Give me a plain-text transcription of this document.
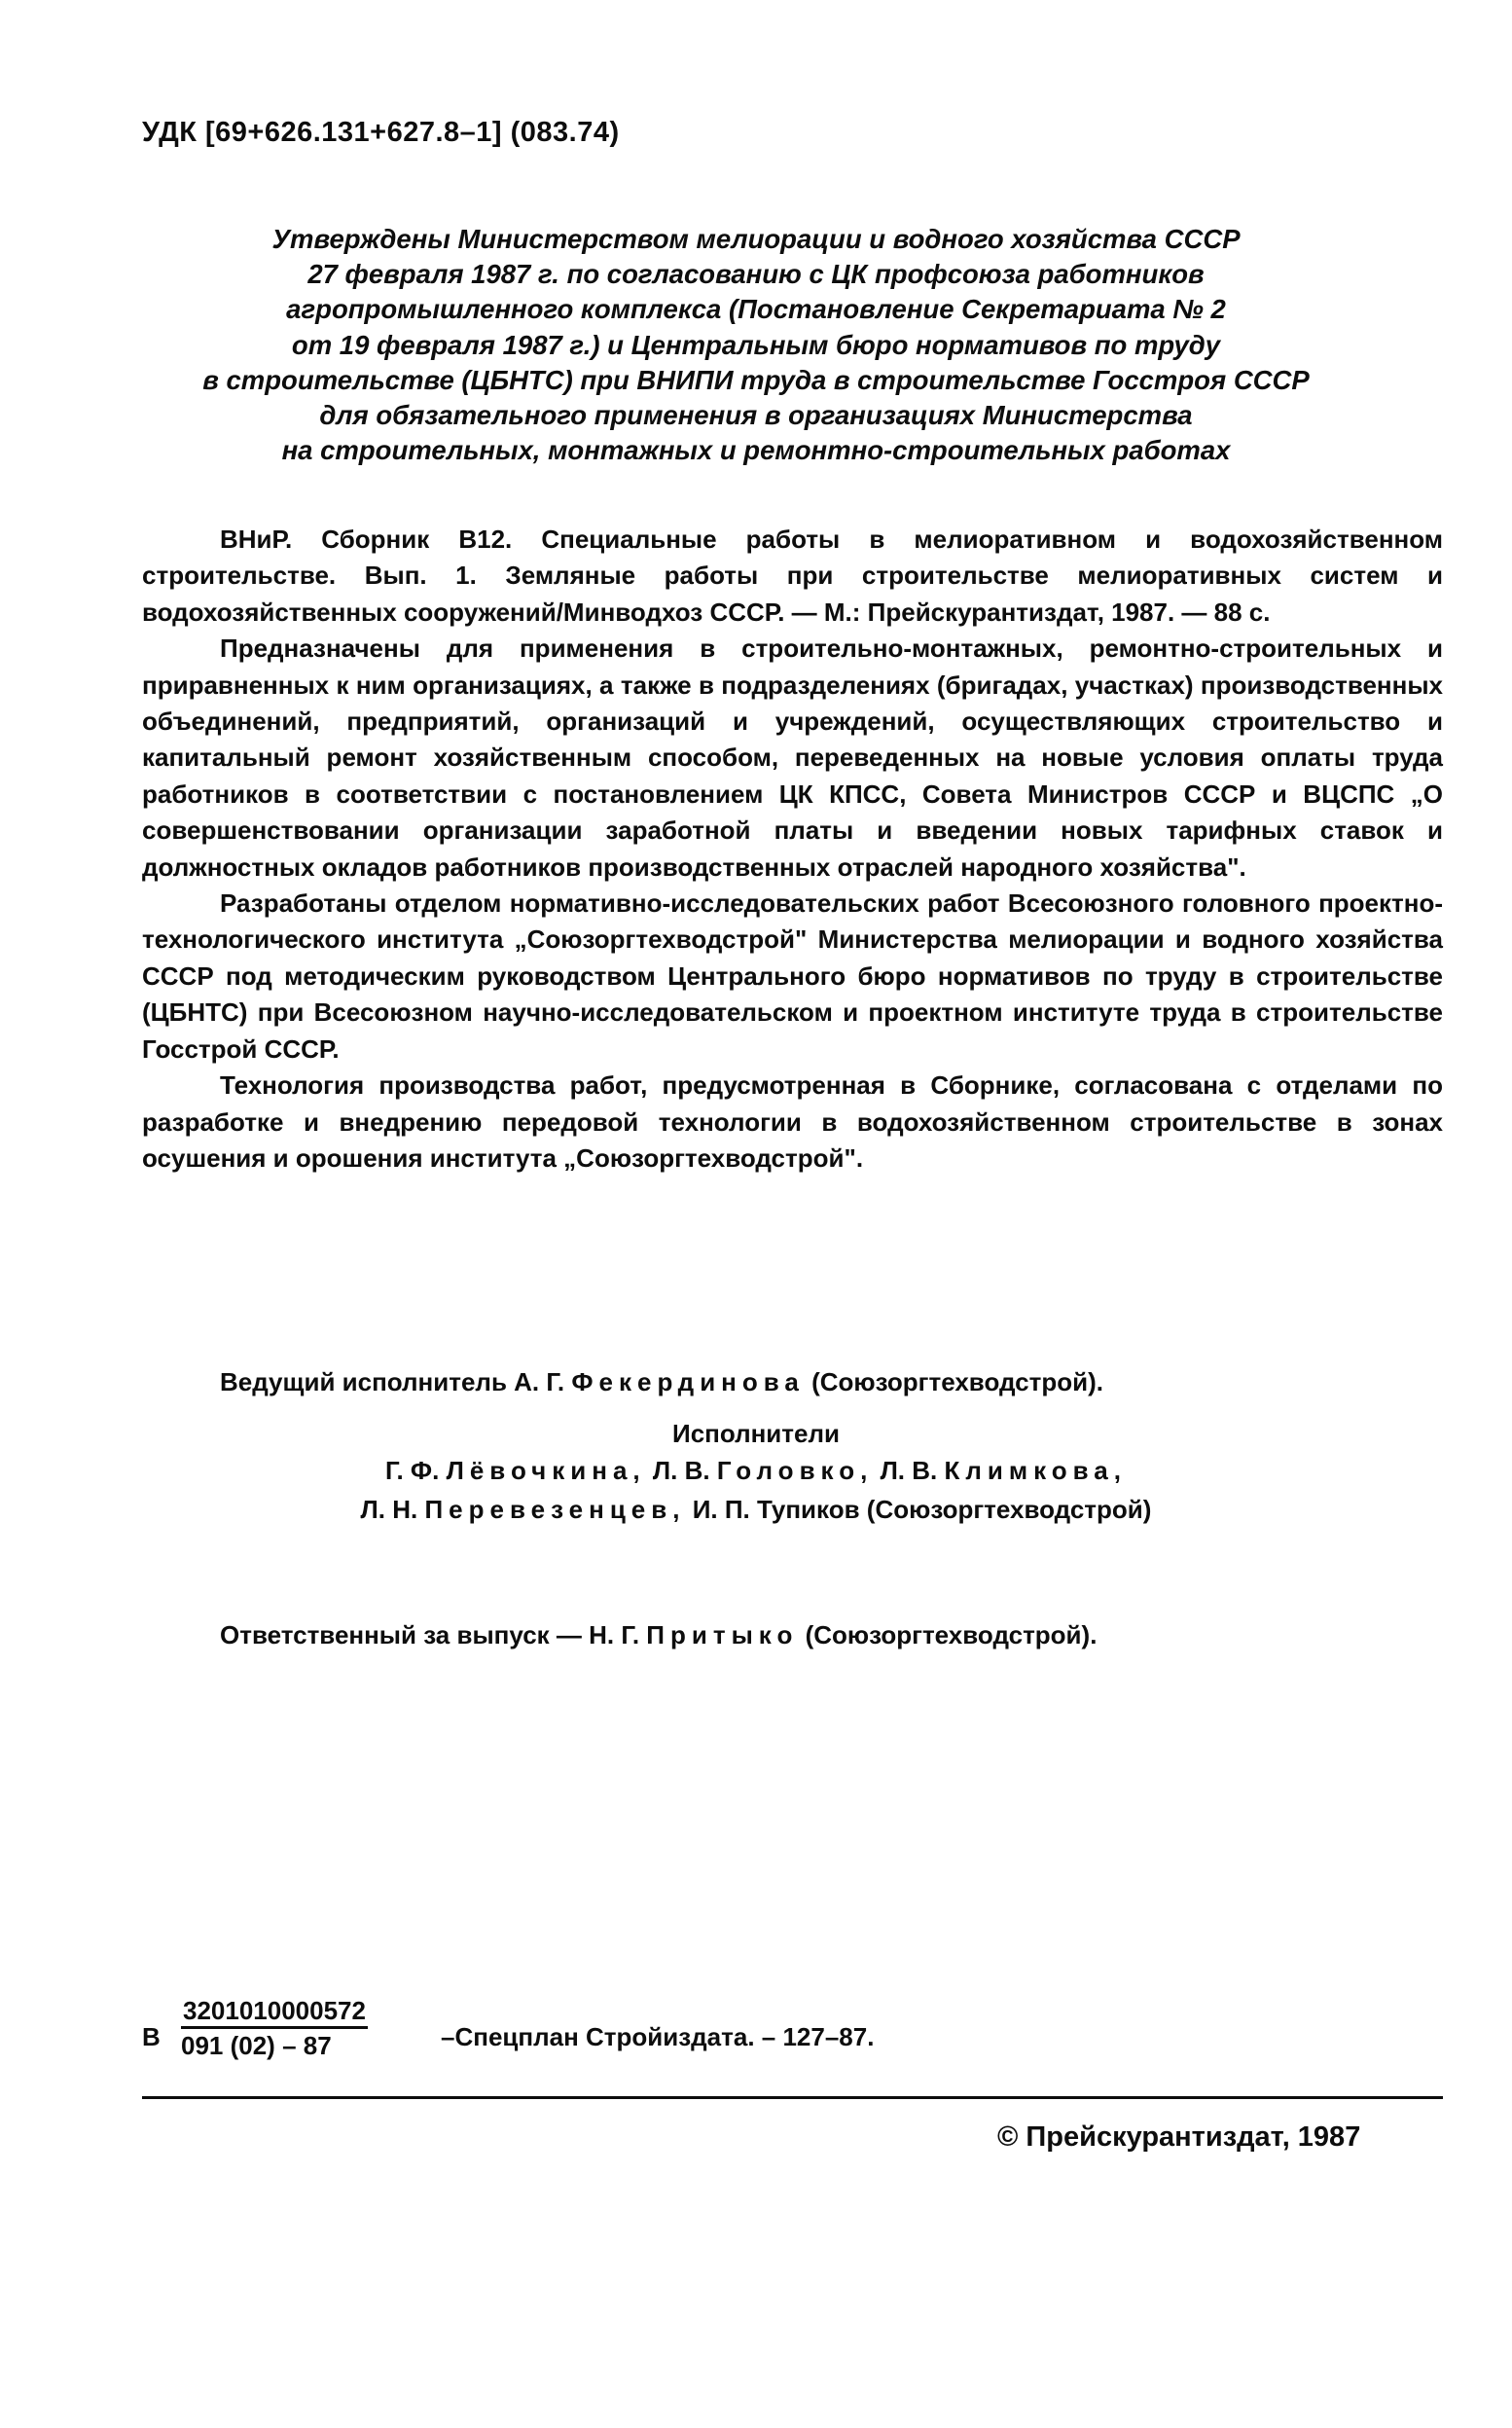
УДК [69+626.131+627.8–1] (083.74)
Утверждены Министерством мелиорации и водного хозяйства СССР
27 февраля 1987 г. по согласованию с ЦК профсоюза работников
агропромышленного комплекса (Постановление Секретариата № 2
от 19 февраля 1987 г.) и Центральным бюро нормативов по труду
в строительстве (ЦБНТС) при ВНИПИ труда в строительстве Госстроя СССР
для обязательного применения в организациях Министерства
на строительных, монтажных и ремонтно-строительных работах

ВНиР. Сборник В12. Специальные работы в мелиоративном и водохозяйственном строительстве. Вып. 1. Земляные работы при строительстве мелиоративных систем и водохозяйственных сооружений/Минводхоз СССР. — М.: Прейскурантиздат, 1987. — 88 с.

Предназначены для применения в строительно-монтажных, ремонтно-строительных и приравненных к ним организациях, а также в подразделениях (бригадах, участках) производственных объединений, предприятий, организаций и учреждений, осуществляющих строительство и капитальный ремонт хозяйственным способом, переведенных на новые условия оплаты труда работников в соответствии с постановлением ЦК КПСС, Совета Министров СССР и ВЦСПС „О совершенствовании организации заработной платы и введении новых тарифных ставок и должностных окладов работников производственных отраслей народного хозяйства".

Разработаны отделом нормативно-исследовательских работ Всесоюзного головного проектно-технологического института „Союзоргтехводстрой" Министерства мелиорации и водного хозяйства СССР под методическим руководством Центрального бюро нормативов по труду в строительстве (ЦБНТС) при Всесоюзном научно-исследовательском и проектном институте труда в строительстве Госстрой СССР.

Технология производства работ, предусмотренная в Сборнике, согласована с отделами по разработке и внедрению передовой технологии в водохозяйственном строительстве в зонах осушения и орошения института „Союзоргтехводстрой".

Ведущий исполнитель А. Г. Фекердинова (Союзоргтехводстрой).
Исполнители
Г. Ф. Лёвочкина, Л. В. Головко, Л. В. Климкова,
Л. Н. Перевезенцев, И. П. Тупиков (Союзоргтехводстрой)
Ответственный за выпуск — Н. Г. Притыко (Союзоргтехводстрой).
В $\frac{3201010000572}{091 (02) - 87}$	–Спецплан Стройиздата. – 127–87.
© Прейскурантиздат, 1987
